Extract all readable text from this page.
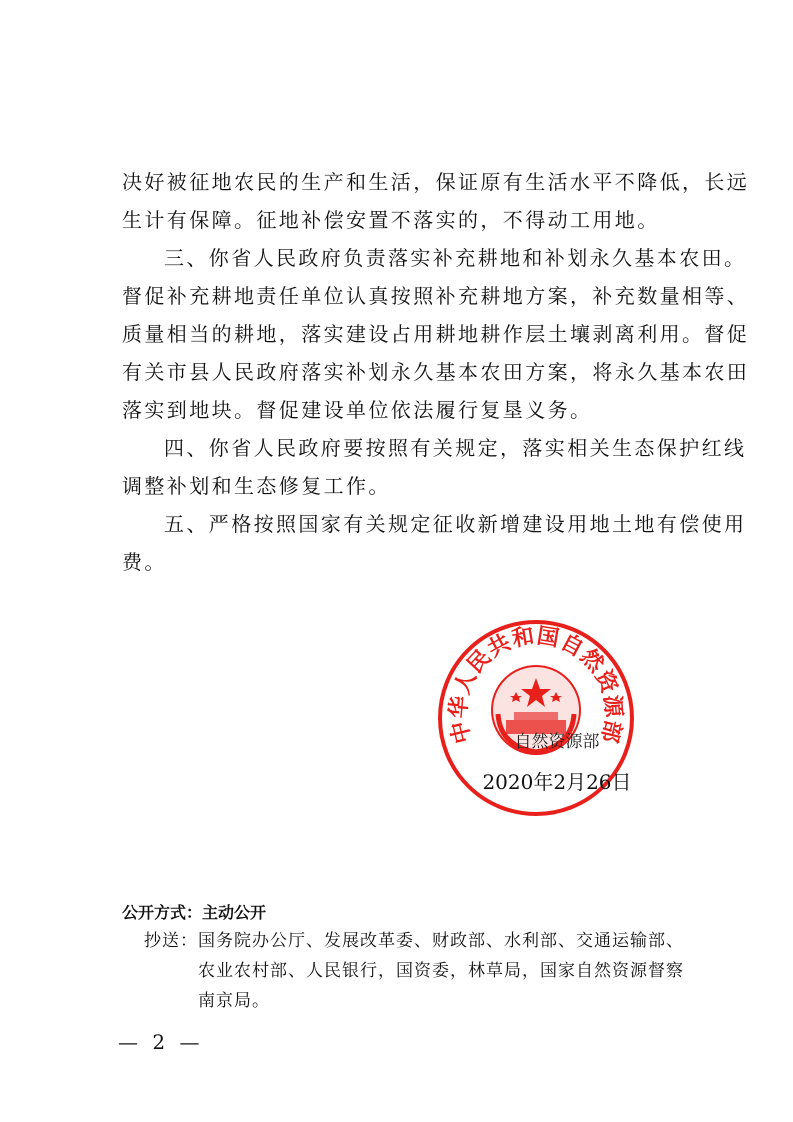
决好被征地农民的生产和生活，保证原有生活水平不降低，长远
生计有保障。征地补偿安置不落实的，不得动工用地。
三、你省人民政府负责落实补充耕地和补划永久基本农田。
督促补充耕地责任单位认真按照补充耕地方案，补充数量相等、
质量相当的耕地，落实建设占用耕地耕作层土壤剥离利用。督促
有关市县人民政府落实补划永久基本农田方案，将永久基本农田
落实到地块。督促建设单位依法履行复垦义务。
四、你省人民政府要按照有关规定，落实相关生态保护红线
调整补划和生态修复工作。
五、严格按照国家有关规定征收新增建设用地土地有偿使用
费。
中华人民共和国自然资源部
自然资源部
2020年2月26日
公开方式：主动公开
抄送： 国务院办公厅、发展改革委、财政部、水利部、交通运输部、
农业农村部、人民银行，国资委，林草局，国家自然资源督察
南京局。
— 2 —
